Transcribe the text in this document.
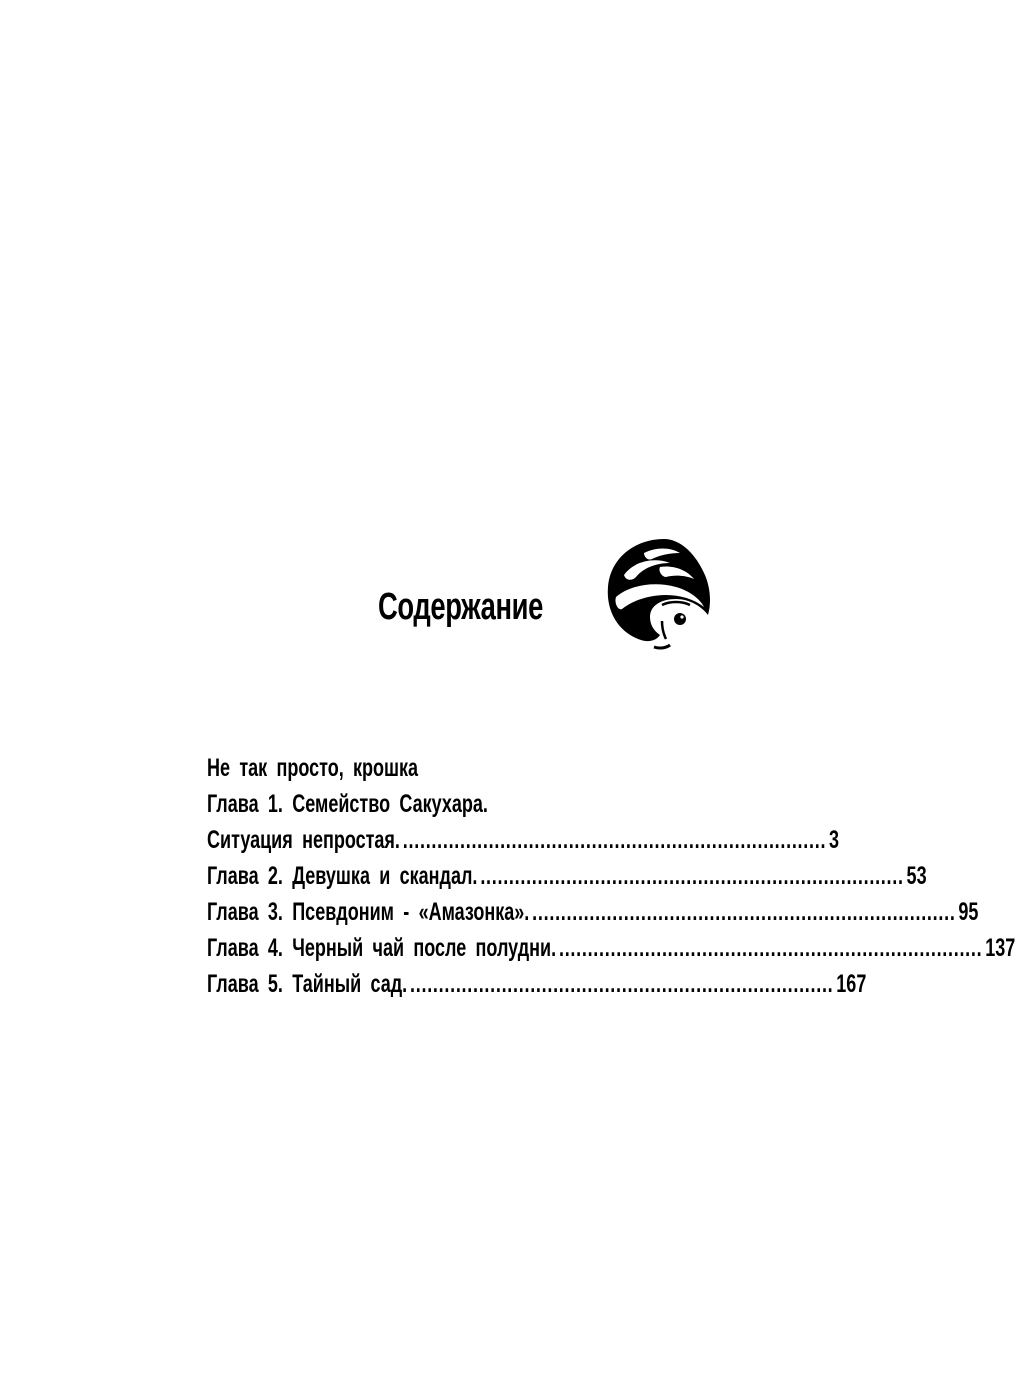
Содержание
Не так просто, крошка
Глава 1. Семейство Сакухара.
Ситуация непростая. .......................................................................... 3
Глава 2. Девушка и скандал. .......................................................................... 53
Глава 3. Псевдоним - «Амазонка». .......................................................................... 95
Глава 4. Черный чай после полудни. .......................................................................... 137
Глава 5. Тайный сад. .......................................................................... 167
